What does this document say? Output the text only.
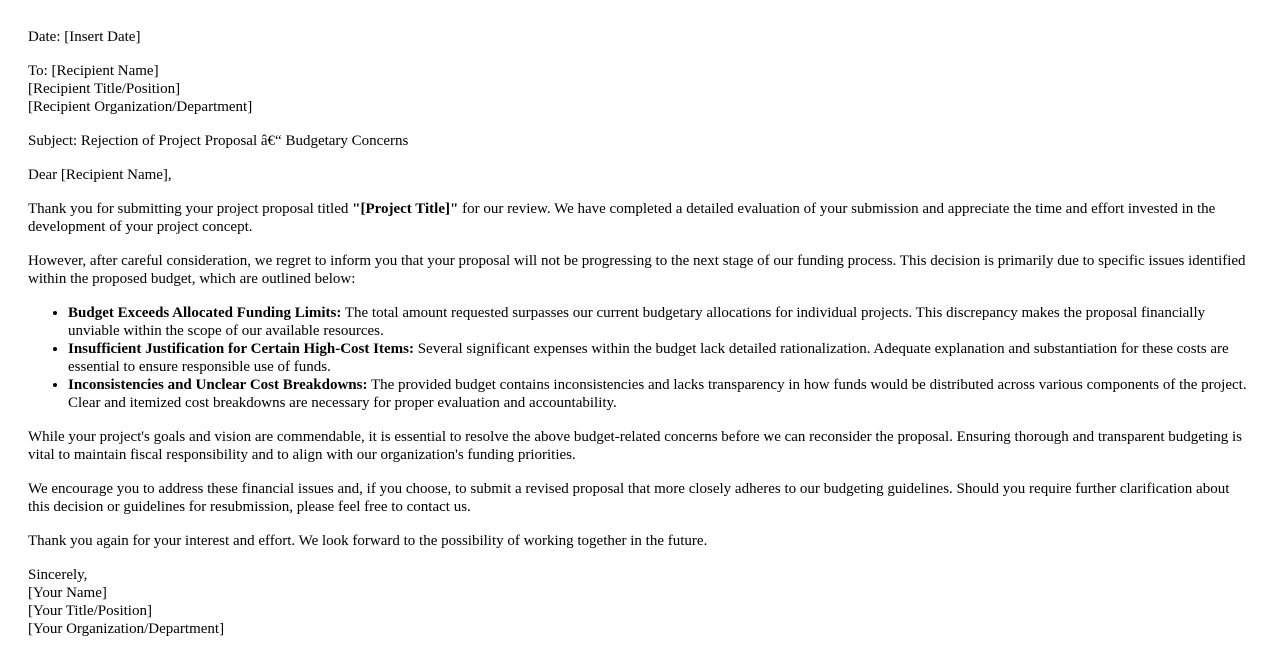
Date: [Insert Date]

To: [Recipient Name]
[Recipient Title/Position]
[Recipient Organization/Department]

Subject: Rejection of Project Proposal â€“ Budgetary Concerns

Dear [Recipient Name],

Thank you for submitting your project proposal titled "[Project Title]" for our review. We have completed a detailed evaluation of your submission and appreciate the time and effort invested in the development of your project concept.

However, after careful consideration, we regret to inform you that your proposal will not be progressing to the next stage of our funding process. This decision is primarily due to specific issues identified within the proposed budget, which are outlined below:

• Budget Exceeds Allocated Funding Limits: The total amount requested surpasses our current budgetary allocations for individual projects. This discrepancy makes the proposal financially unviable within the scope of our available resources.
• Insufficient Justification for Certain High-Cost Items: Several significant expenses within the budget lack detailed rationalization. Adequate explanation and substantiation for these costs are essential to ensure responsible use of funds.
• Inconsistencies and Unclear Cost Breakdowns: The provided budget contains inconsistencies and lacks transparency in how funds would be distributed across various components of the project. Clear and itemized cost breakdowns are necessary for proper evaluation and accountability.

While your project's goals and vision are commendable, it is essential to resolve the above budget-related concerns before we can reconsider the proposal. Ensuring thorough and transparent budgeting is vital to maintain fiscal responsibility and to align with our organization's funding priorities.

We encourage you to address these financial issues and, if you choose, to submit a revised proposal that more closely adheres to our budgeting guidelines. Should you require further clarification about this decision or guidelines for resubmission, please feel free to contact us.

Thank you again for your interest and effort. We look forward to the possibility of working together in the future.

Sincerely,
[Your Name]
[Your Title/Position]
[Your Organization/Department]
